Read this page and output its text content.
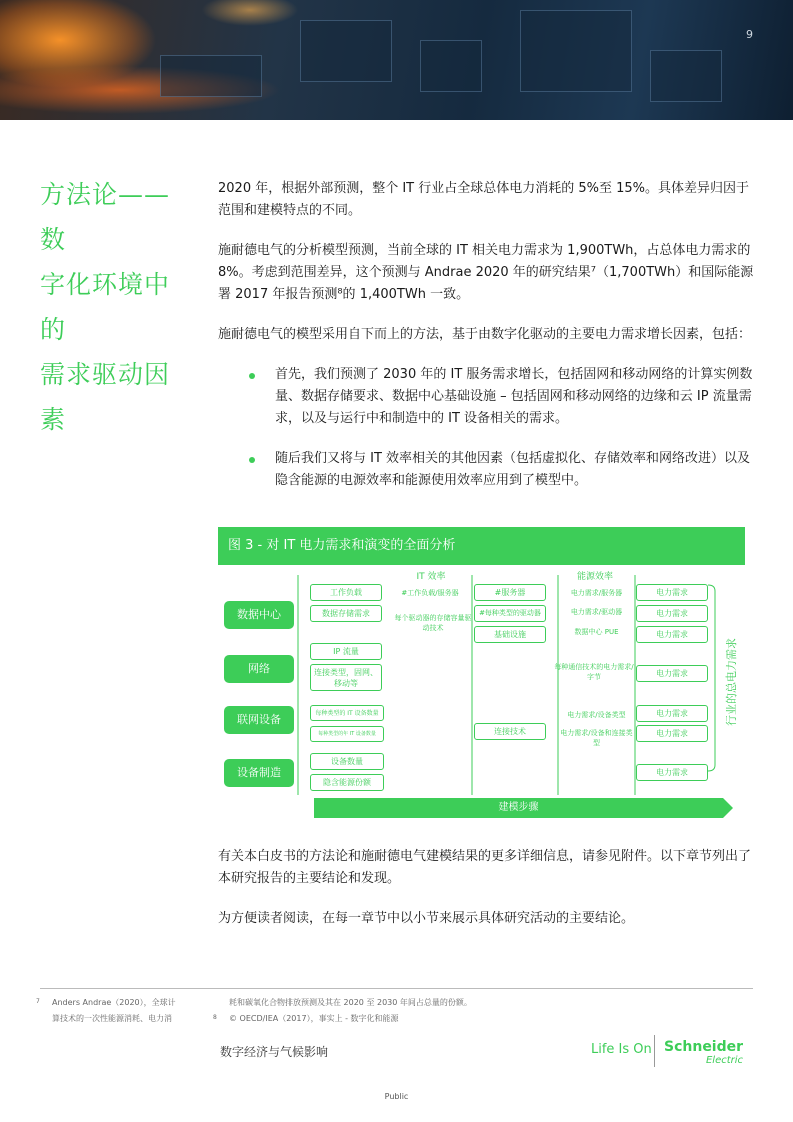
9
方法论——数
字化环境中的
需求驱动因素

2020 年，根据外部预测，整个 IT 行业占全球总体电力消耗的 5%至 15%。具体差异归因于范围和建模特点的不同。

施耐德电气的分析模型预测，当前全球的 IT 相关电力需求为 1,900TWh，占总体电力需求的 8%。考虑到范围差异，这个预测与 Andrae 2020 年的研究结果⁷（1,700TWh）和国际能源署 2017 年报告预测⁸的 1,400TWh 一致。

施耐德电气的模型采用自下而上的方法，基于由数字化驱动的主要电力需求增长因素，包括：

首先，我们预测了 2030 年的 IT 服务需求增长，包括固网和移动网络的计算实例数量、数据存储要求、数据中心基础设施 – 包括固网和移动网络的边缘和云 IP 流量需求，以及与运行中和制造中的 IT 设备相关的需求。
随后我们又将与 IT 效率相关的其他因素（包括虚拟化、存储效率和网络改进）以及隐含能源的电源效率和能源使用效率应用到了模型中。
图 3 - 对 IT 电力需求和演变的全面分析
IT 效率	能源效率
数据中心
网络
联网设备
设备制造
工作负载
数据存储需求
IP 流量
连接类型，固网、移动等
每种类型的 IT 设备数量
每种类型的年 IT 设备数量
设备数量
隐含能源份额
#工作负载/服务器
每个驱动器的存储容量驱动技术
#服务器
#每种类型的驱动器
基础设施
连接技术
电力需求/服务器
电力需求/驱动器
数据中心 PUE
每种通信技术的电力需求/字节
电力需求/设备类型
电力需求/设备和连接类型
电力需求
电力需求
电力需求
电力需求
电力需求
电力需求
电力需求
行业的总电力需求
建模步骤

有关本白皮书的方法论和施耐德电气建模结果的更多详细信息，请参见附件。以下章节列出了本研究报告的主要结论和发现。

为方便读者阅读，在每一章节中以小节来展示具体研究活动的主要结论。

7 Anders Andrae（2020），全球计
算技术的一次性能源消耗、电力消
耗和碳氧化合物排放预测及其在 2020 至 2030 年间占总量的份额。
8 © OECD/IEA（2017），事实上 - 数字化和能源
数字经济与气候影响	Life Is On Schneider
Electric
Public
